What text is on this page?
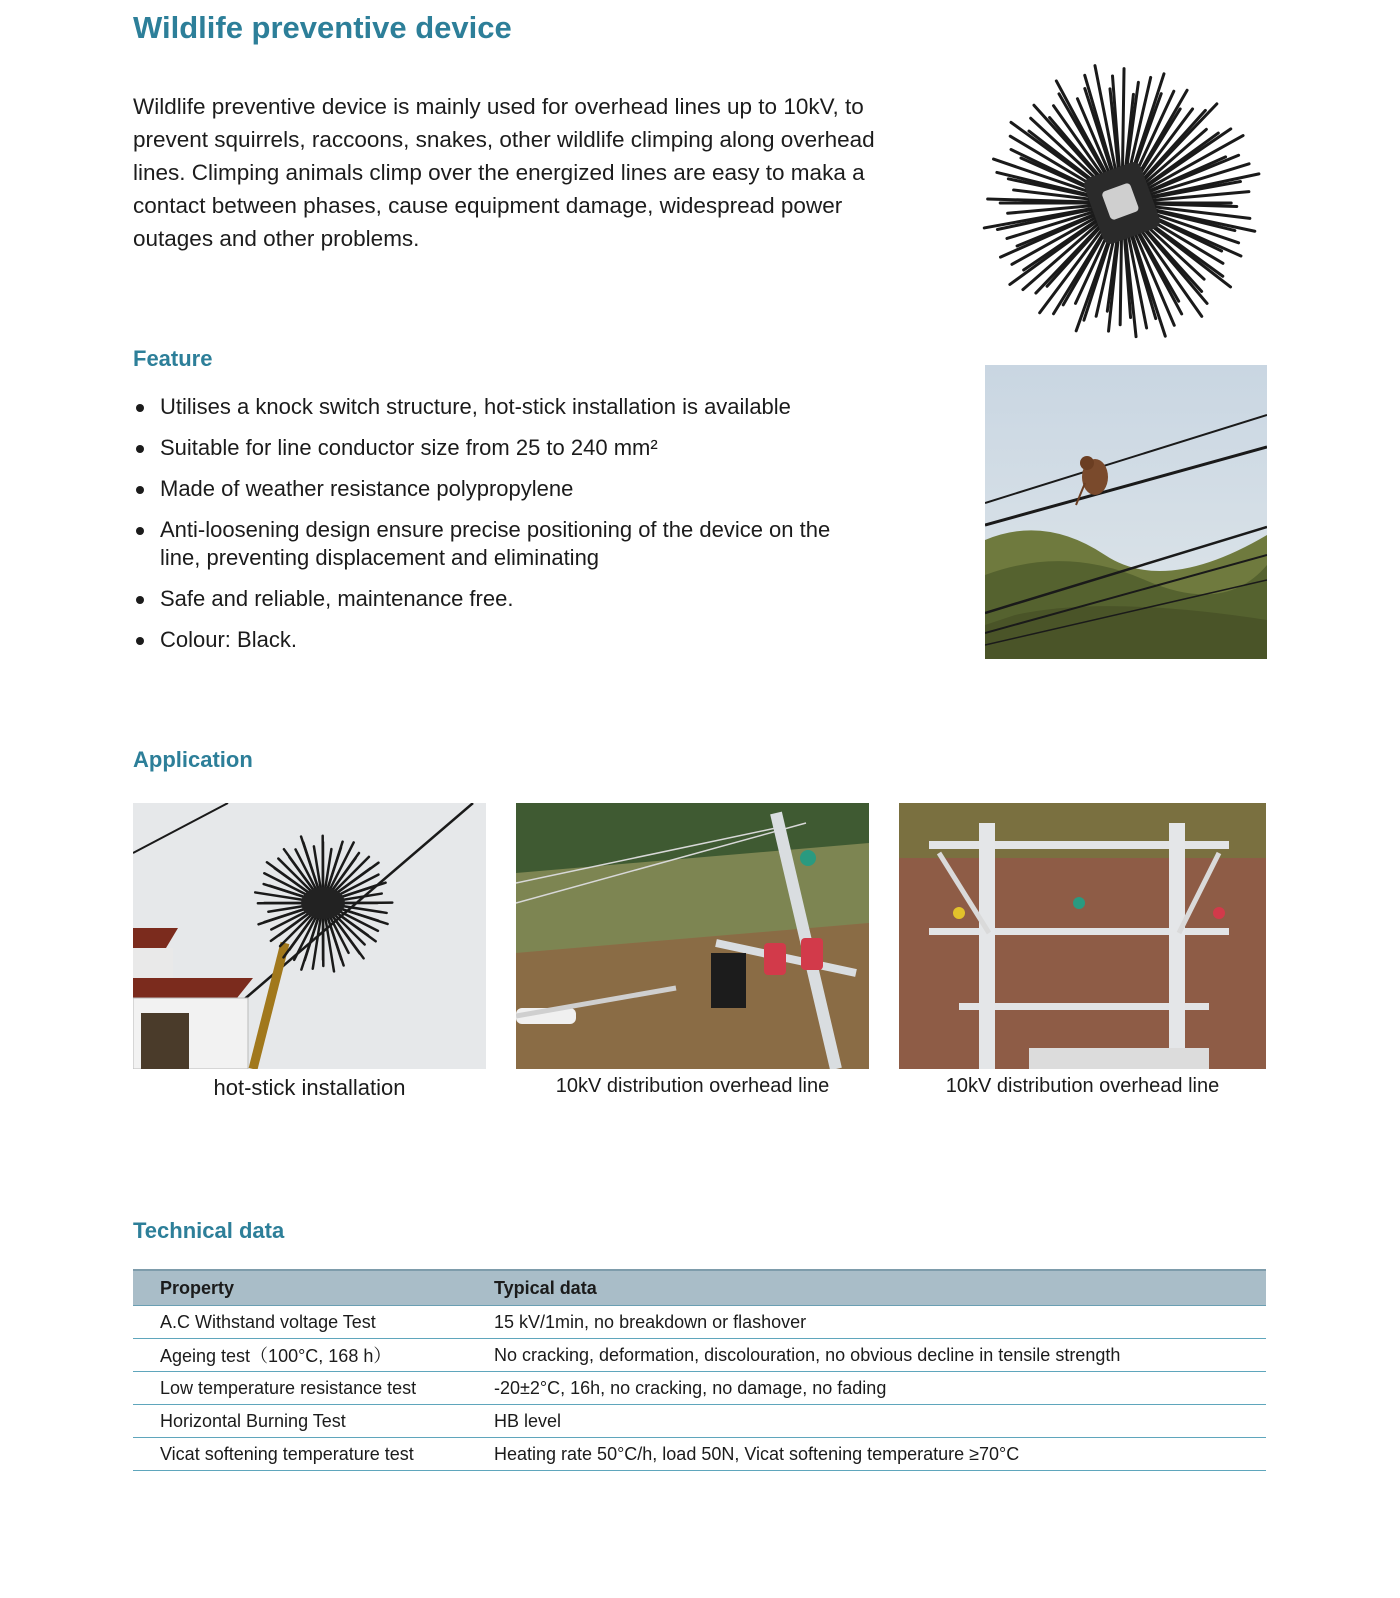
Wildlife preventive device

Wildlife preventive device is mainly used for overhead lines up to 10kV, to prevent squirrels, raccoons, snakes, other wildlife climping along overhead lines. Climping animals climp over the energized lines are easy to maka a contact between phases, cause equipment damage, widespread power outages and other problems.

Feature
Utilises a knock switch structure, hot-stick installation is available
Suitable for line conductor size from 25 to 240 mm²
Made of weather resistance polypropylene
Anti-loosening design ensure precise positioning of the device on the line, preventing displacement and eliminating
Safe and reliable, maintenance free.
Colour: Black.
Application

hot-stick installation	10kV distribution overhead line	10kV distribution overhead line

Technical data
Property	Typical data
A.C Withstand voltage Test	15 kV/1min, no breakdown or flashover
Ageing test（100°C, 168 h）	No cracking, deformation, discolouration, no obvious decline in tensile strength
Low temperature resistance test	-20±2°C, 16h, no cracking, no damage, no fading
Horizontal Burning Test	HB level
Vicat softening temperature test	Heating rate 50°C/h, load 50N, Vicat softening temperature ≥70°C
